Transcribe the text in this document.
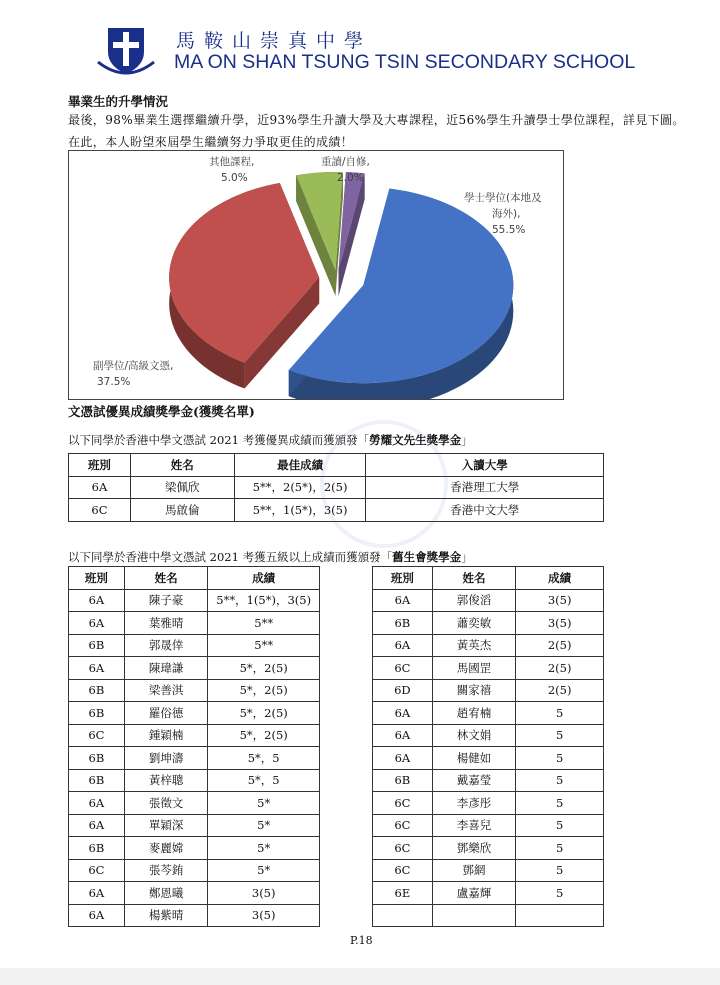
馬鞍山崇真中學
MA ON SHAN TSUNG TSIN SECONDARY SCHOOL
畢業生的升學情況
最後，98%畢業生選擇繼續升學，近93%學生升讀大學及大專課程，近56%學生升讀學士學位課程，詳見下圖。在此，本人盼望來屆學生繼續努力爭取更佳的成績！
學士學位(本地及
海外),
55.5%
副學位/高級文憑,
37.5%
其他課程,
5.0%
重讀/自修,
2.0%
文憑試優異成績獎學金(獲獎名單)
以下同學於香港中學文憑試 2021 考獲優異成績而獲頒發「勞耀文先生獎學金」
班別	姓名	最佳成績	入讀大學
6A	梁佩欣	5**，2(5*)，2(5)	香港理工大學
6C	馬啟倫	5**，1(5*)，3(5)	香港中文大學
以下同學於香港中學文憑試 2021 考獲五級以上成績而獲頒發「舊生會獎學金」
班別	姓名	成績
6A	陳子豪	5**，1(5*)，3(5)
6A	葉雅晴	5**
6B	郭晟倖	5**
6A	陳瑋謙	5*，2(5)
6B	梁善淇	5*，2(5)
6B	羅俗德	5*，2(5)
6C	鍾穎楠	5*，2(5)
6B	劉坤濤	5*，5
6B	黃梓聰	5*，5
6A	張徵文	5*
6A	單穎深	5*
6B	麥麗嫦	5*
6C	張芩銪	5*
6A	鄭恩曦	3(5)
6A	楊紫晴	3(5)
班別	姓名	成績
6A	郭俊滔	3(5)
6B	蕭奕敏	3(5)
6A	黃英杰	2(5)
6C	馬國罡	2(5)
6D	關家禧	2(5)
6A	趙宥楠	5
6A	林文娟	5
6A	楊健如	5
6B	戴嘉瑩	5
6C	李彥彤	5
6C	李喜兒	5
6C	鄧樂欣	5
6C	鄧網	5
6E	盧嘉輝	5

P.18
